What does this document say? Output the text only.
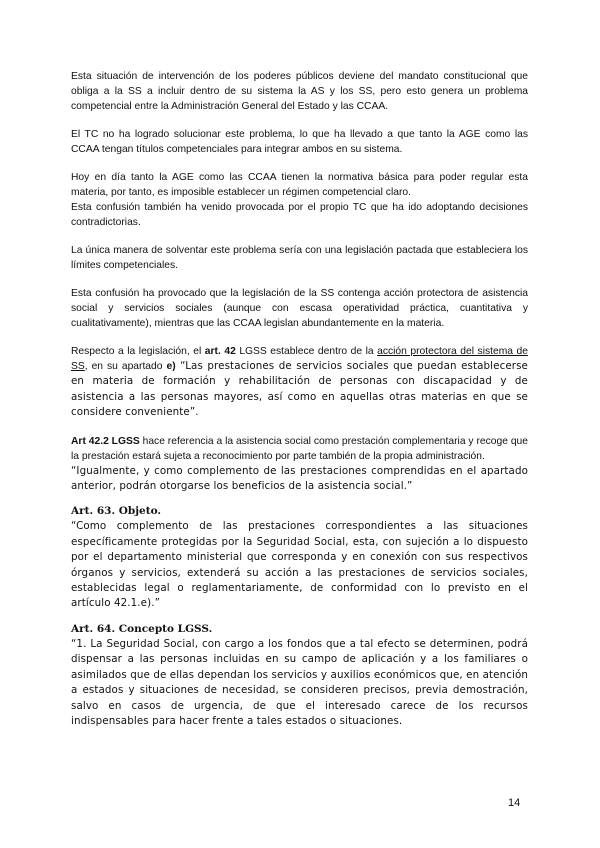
Esta situación de intervención de los poderes públicos deviene del mandato constitucional que obliga a la SS a incluir dentro de su sistema la AS y los SS, pero esto genera un problema competencial entre la Administración General del Estado y las CCAA.

El TC no ha logrado solucionar este problema, lo que ha llevado a que tanto la AGE como las CCAA tengan títulos competenciales para integrar ambos en su sistema.

Hoy en día tanto la AGE como las CCAA tienen la normativa básica para poder regular esta materia, por tanto, es imposible establecer un régimen competencial claro.

Esta confusión también ha venido provocada por el propio TC que ha ido adoptando decisiones contradictorias.

La única manera de solventar este problema sería con una legislación pactada que estableciera los límites competenciales.

Esta confusión ha provocado que la legislación de la SS contenga acción protectora de asistencia social y servicios sociales (aunque con escasa operatividad práctica, cuantitativa y cualitativamente), mientras que las CCAA legislan abundantemente en la materia.

Respecto a la legislación, el art. 42 LGSS establece dentro de la acción protectora del sistema de SS, en su apartado e) “Las prestaciones de servicios sociales que puedan establecerse en materia de formación y rehabilitación de personas con discapacidad y de asistencia a las personas mayores, así como en aquellas otras materias en que se considere conveniente”.

Art 42.2 LGSS hace referencia a la asistencia social como prestación complementaria y recoge que la prestación estará sujeta a reconocimiento por parte también de la propia administración.

“Igualmente, y como complemento de las prestaciones comprendidas en el apartado anterior, podrán otorgarse los beneficios de la asistencia social.”

Art. 63. Objeto.

“Como complemento de las prestaciones correspondientes a las situaciones específicamente protegidas por la Seguridad Social, esta, con sujeción a lo dispuesto por el departamento ministerial que corresponda y en conexión con sus respectivos órganos y servicios, extenderá su acción a las prestaciones de servicios sociales, establecidas legal o reglamentariamente, de conformidad con lo previsto en el artículo 42.1.e).”

Art. 64. Concepto LGSS.

“1. La Seguridad Social, con cargo a los fondos que a tal efecto se determinen, podrá dispensar a las personas incluidas en su campo de aplicación y a los familiares o asimilados que de ellas dependan los servicios y auxilios económicos que, en atención a estados y situaciones de necesidad, se consideren precisos, previa demostración, salvo en casos de urgencia, de que el interesado carece de los recursos indispensables para hacer frente a tales estados o situaciones.

14
